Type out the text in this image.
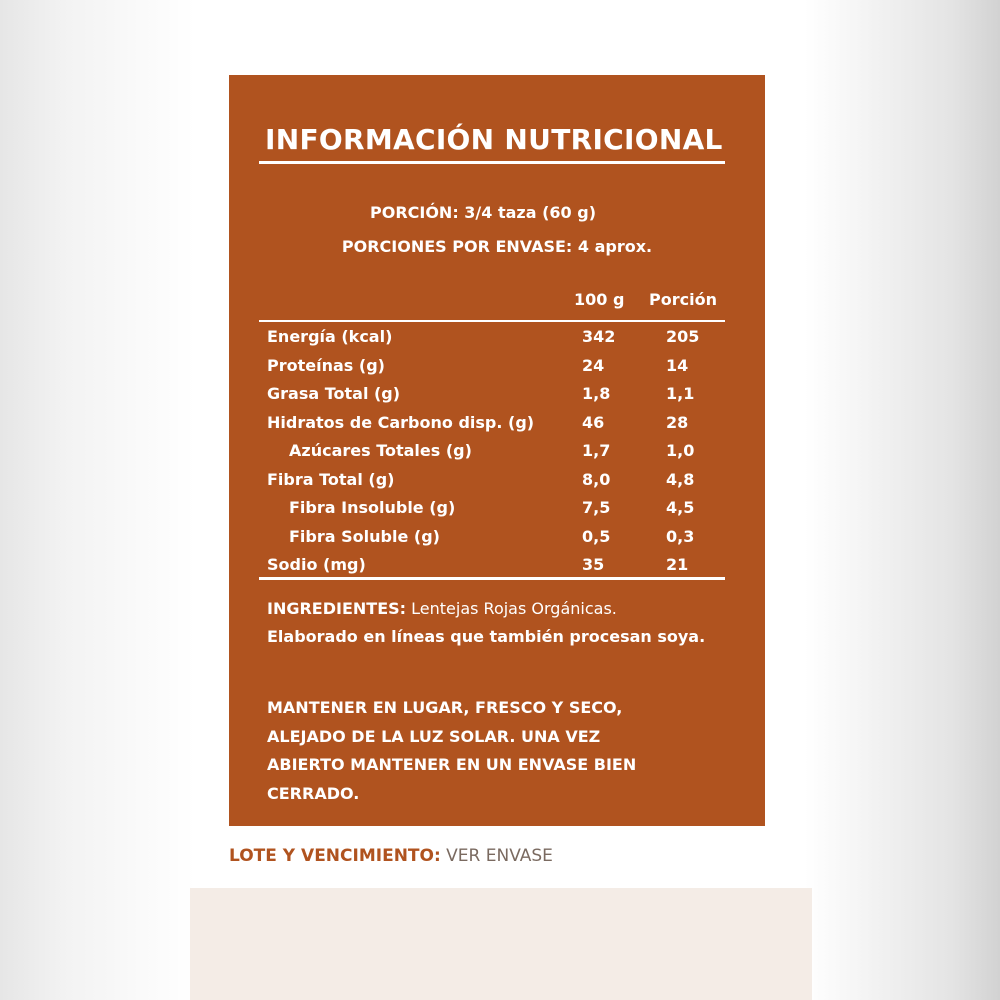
INFORMACIÓN NUTRICIONAL
PORCIÓN: 3/4 taza (60 g)
PORCIONES POR ENVASE: 4 aprox.
100 g Porción
Energía (kcal)	342	205
Proteínas (g)	24	14
Grasa Total (g)	1,8	1,1
Hidratos de Carbono disp. (g)	46	28
Azúcares Totales (g)	1,7	1,0
Fibra Total (g)	8,0	4,8
Fibra Insoluble (g)	7,5	4,5
Fibra Soluble (g)	0,5	0,3
Sodio (mg)	35	21
INGREDIENTES: Lentejas Rojas Orgánicas.
Elaborado en líneas que también procesan soya.
MANTENER EN LUGAR, FRESCO Y SECO,
ALEJADO DE LA LUZ SOLAR. UNA VEZ
ABIERTO MANTENER EN UN ENVASE BIEN
CERRADO.
LOTE Y VENCIMIENTO: VER ENVASE
